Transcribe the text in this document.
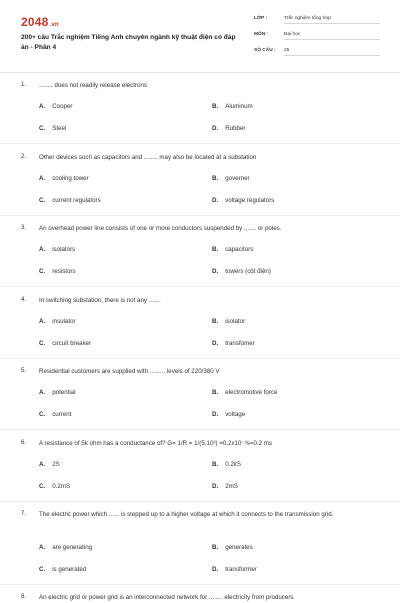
2048.vn
200+ câu Trắc nghiệm Tiếng Anh chuyên ngành kỹ thuật điện có đáp án - Phần 4
LỚP :	Trắc nghiệm tổng hợp
MÔN :	Đại học
SỐ CÂU : 25
1. ........ does not readily release electrons
A. Cooper	B. Aluminum
C. Steel	D. Rubber
2. Other devices such as capacitors and ........ may also be located at a substation
A. cooling tower	B. governer
C. current regulators	D. voltage regulators
3. An overhead power line consists of one or more conductors suspended by ....... or poles.
A. isolators	B. capacitors
C. resistors	D. towers (cột điện)
4. In switching substation, there is not any .......
A. insulator	B. isolator
C. circuit breaker	D. transfomer
5. Residential customers are supplied with ......... levels of 220/380 V
A. potential	B. electromotive force
C. current	D. voltage
6. A resistance of 5k ohm has a conductance of? G= 1/R = 1/(5.10³) =0,2x10⁻³s=0.2 ms
A. 2S	B. 0.2kS
C. 0.2mS	D. 2mS
7. The electric power which ...... is stepped up to a higher voltage at which it connects to the transmission grid.
A. are generating	B. generates
C. is generated	D. transformer
8. An electric grid or power grid is an interconnected network for ........ electricity from producers
